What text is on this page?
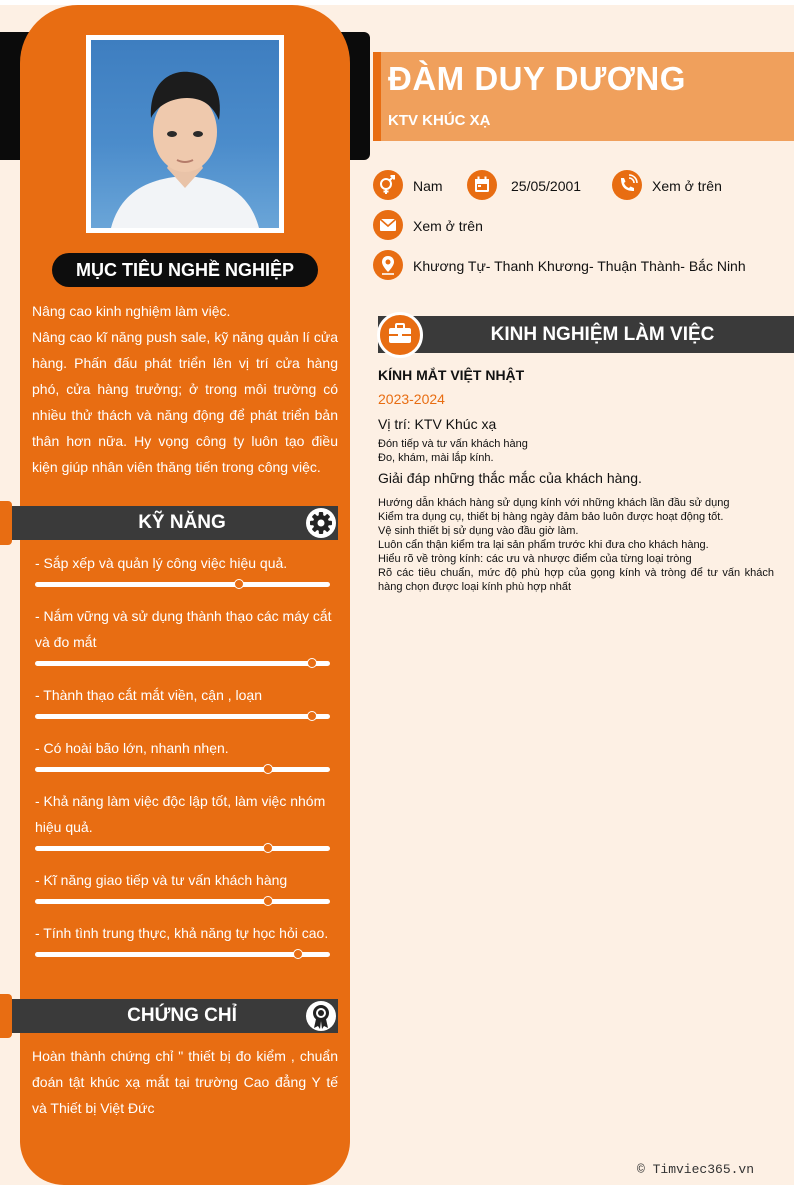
MỤC TIÊU NGHỀ NGHIỆP

Nâng cao kinh nghiệm làm việc.

Nâng cao kĩ năng push sale, kỹ năng quản lí cửa hàng. Phấn đấu phát triển lên vị trí cửa hàng phó, cửa hàng trưởng; ở trong môi trường có nhiều thử thách và năng động để phát triển bản thân hơn nữa. Hy vọng công ty luôn tạo điều kiện giúp nhân viên thăng tiến trong công việc.

KỸ NĂNG
- Sắp xếp và quản lý công việc hiệu quả.
- Nắm vững và sử dụng thành thạo các máy cắt và đo mắt
- Thành thạo cắt mắt viền, cận , loạn
- Có hoài bão lớn, nhanh nhẹn.
- Khả năng làm việc độc lập tốt, làm việc nhóm hiệu quả.
- Kĩ năng giao tiếp và tư vấn khách hàng
- Tính tình trung thực, khả năng tự học hỏi cao.
CHỨNG CHỈ
Hoàn thành chứng chỉ " thiết bị đo kiểm , chuẩn đoán tật khúc xạ mắt tại trường Cao đẳng Y tế và Thiết bị Việt Đức
ĐÀM DUY DƯƠNG
KTV KHÚC XẠ
Nam	25/05/2001	Xem ở trên
Xem ở trên
Khương Tự- Thanh Khương- Thuận Thành- Bắc Ninh
KINH NGHIỆM LÀM VIỆC
KÍNH MẮT VIỆT NHẬT
2023-2024
Vị trí: KTV Khúc xạ
Đón tiếp và tư vấn khách hàng
Đo, khám, mài lắp kính.
Giải đáp những thắc mắc của khách hàng.
Hướng dẫn khách hàng sử dụng kính với những khách lần đầu sử dụng
Kiểm tra dụng cụ, thiết bị hàng ngày đảm bảo luôn được hoạt động tốt.
Vệ sinh thiết bị sử dụng vào đầu giờ làm.
Luôn cẩn thận kiểm tra lại sản phẩm trước khi đưa cho khách hàng.
Hiểu rõ về tròng kính: các ưu và nhược điểm của từng loại tròng
Rõ các tiêu chuẩn, mức độ phù hợp của gọng kính và tròng để tư vấn khách hàng chọn được loại kính phù hợp nhất
© Timviec365.vn
